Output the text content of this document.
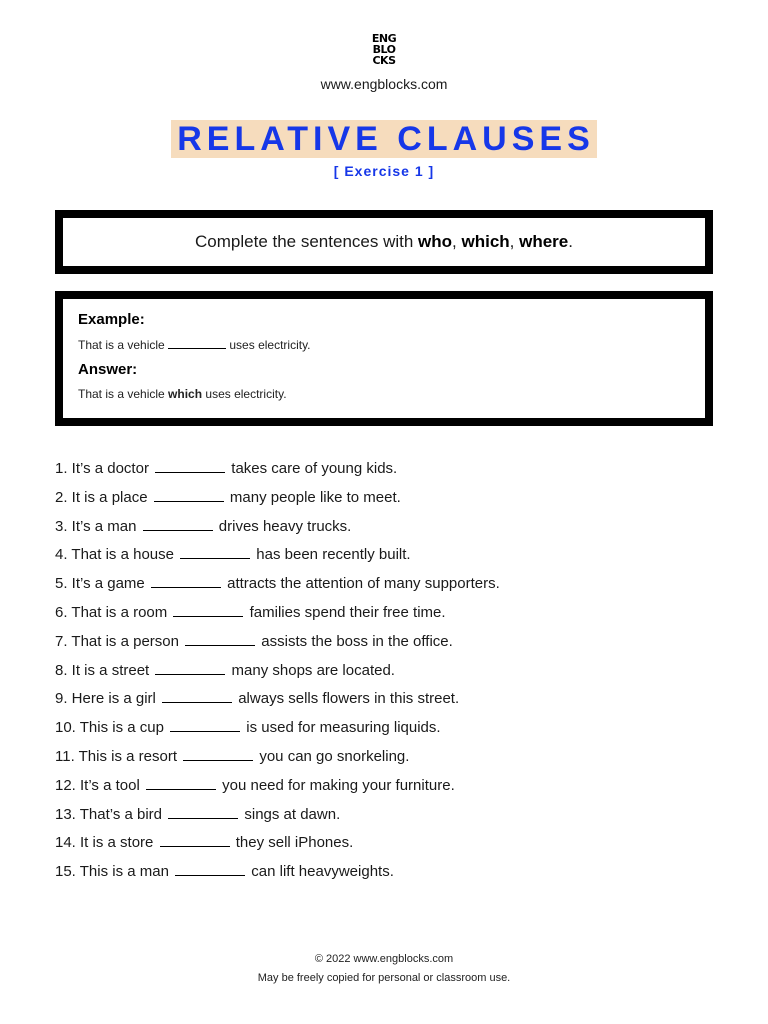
ENG
BLO
CKS
www.engblocks.com
RELATIVE CLAUSES
[ Exercise 1 ]
Complete the sentences with who, which, where.

Example:

That is a vehicle	uses electricity.

Answer:

That is a vehicle which uses electricity.

1. It’s a doctor	takes care of young kids.
2. It is a place	many people like to meet.
3. It’s a man	drives heavy trucks.
4. That is a house	has been recently built.
5. It’s a game	attracts the attention of many supporters.
6. That is a room	families spend their free time.
7. That is a person	assists the boss in the office.
8. It is a street	many shops are located.
9. Here is a girl	always sells flowers in this street.
10. This is a cup	is used for measuring liquids.
11. This is a resort	you can go snorkeling.
12. It’s a tool	you need for making your furniture.
13. That’s a bird	sings at dawn.
14. It is a store	they sell iPhones.
15. This is a man	can lift heavyweights.
© 2022 www.engblocks.com
May be freely copied for personal or classroom use.
